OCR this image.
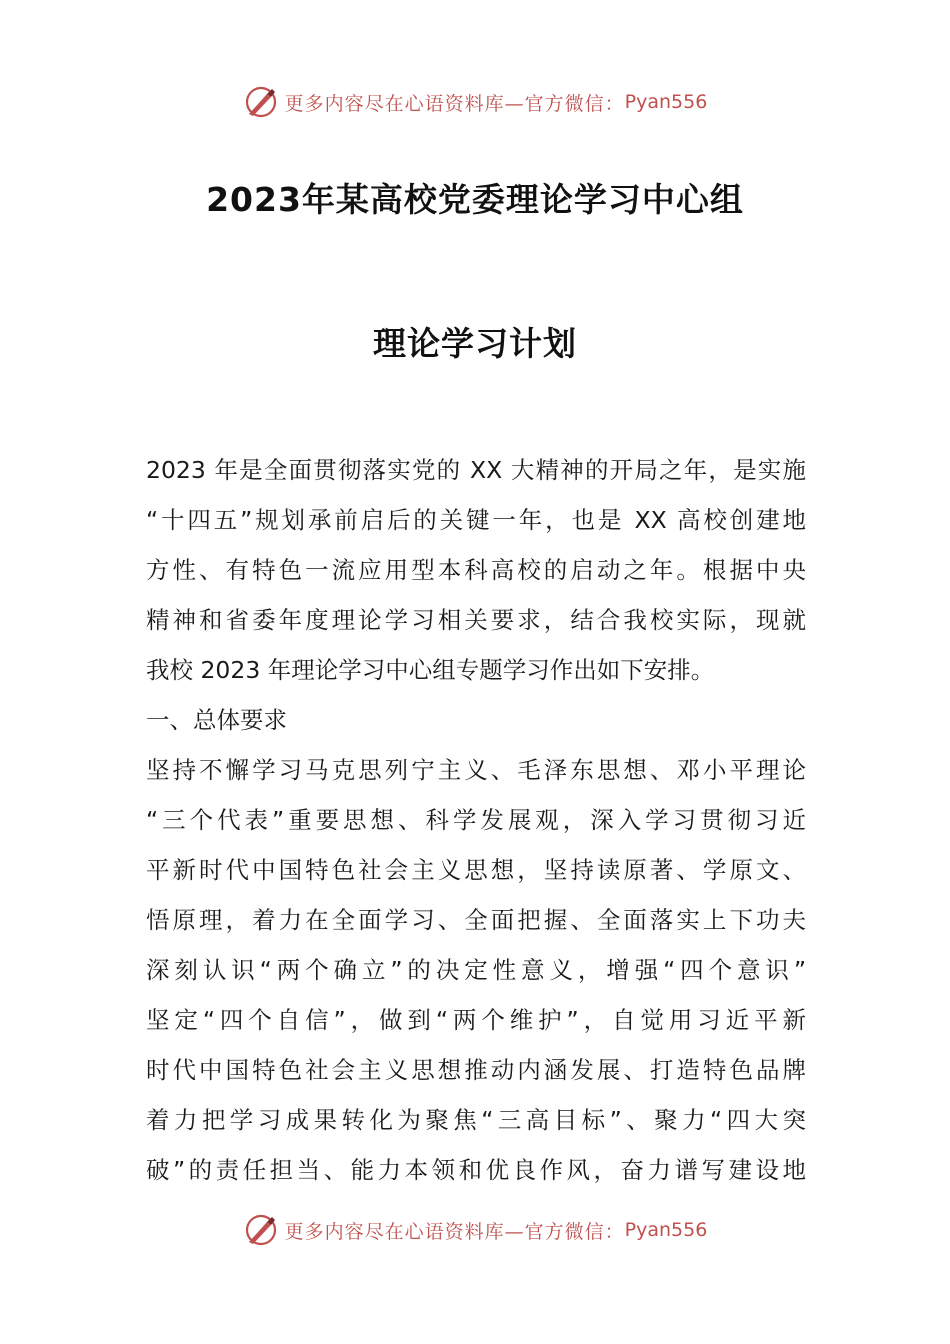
更多内容尽在心语资料库—官方微信： Pyan556
2023年某高校党委理论学习中心组
理论学习计划
2023 年是全面贯彻落实党的 XX 大精神的开局之年，是实施
“十四五”规划承前启后的关键一年，也是 XX 高校创建地
方性、有特色一流应用型本科高校的启动之年。根据中央
精神和省委年度理论学习相关要求，结合我校实际，现就
我校 2023 年理论学习中心组专题学习作出如下安排。
一、总体要求
坚持不懈学习马克思列宁主义、毛泽东思想、邓小平理论
“三个代表”重要思想、科学发展观，深入学习贯彻习近
平新时代中国特色社会主义思想，坚持读原著、学原文、
悟原理，着力在全面学习、全面把握、全面落实上下功夫
深刻认识“两个确立”的决定性意义，增强“四个意识”
坚定“四个自信”，做到“两个维护”，自觉用习近平新
时代中国特色社会主义思想推动内涵发展、打造特色品牌
着力把学习成果转化为聚焦“三高目标”、聚力“四大突
破”的责任担当、能力本领和优良作风，奋力谱写建设地
更多内容尽在心语资料库—官方微信： Pyan556
